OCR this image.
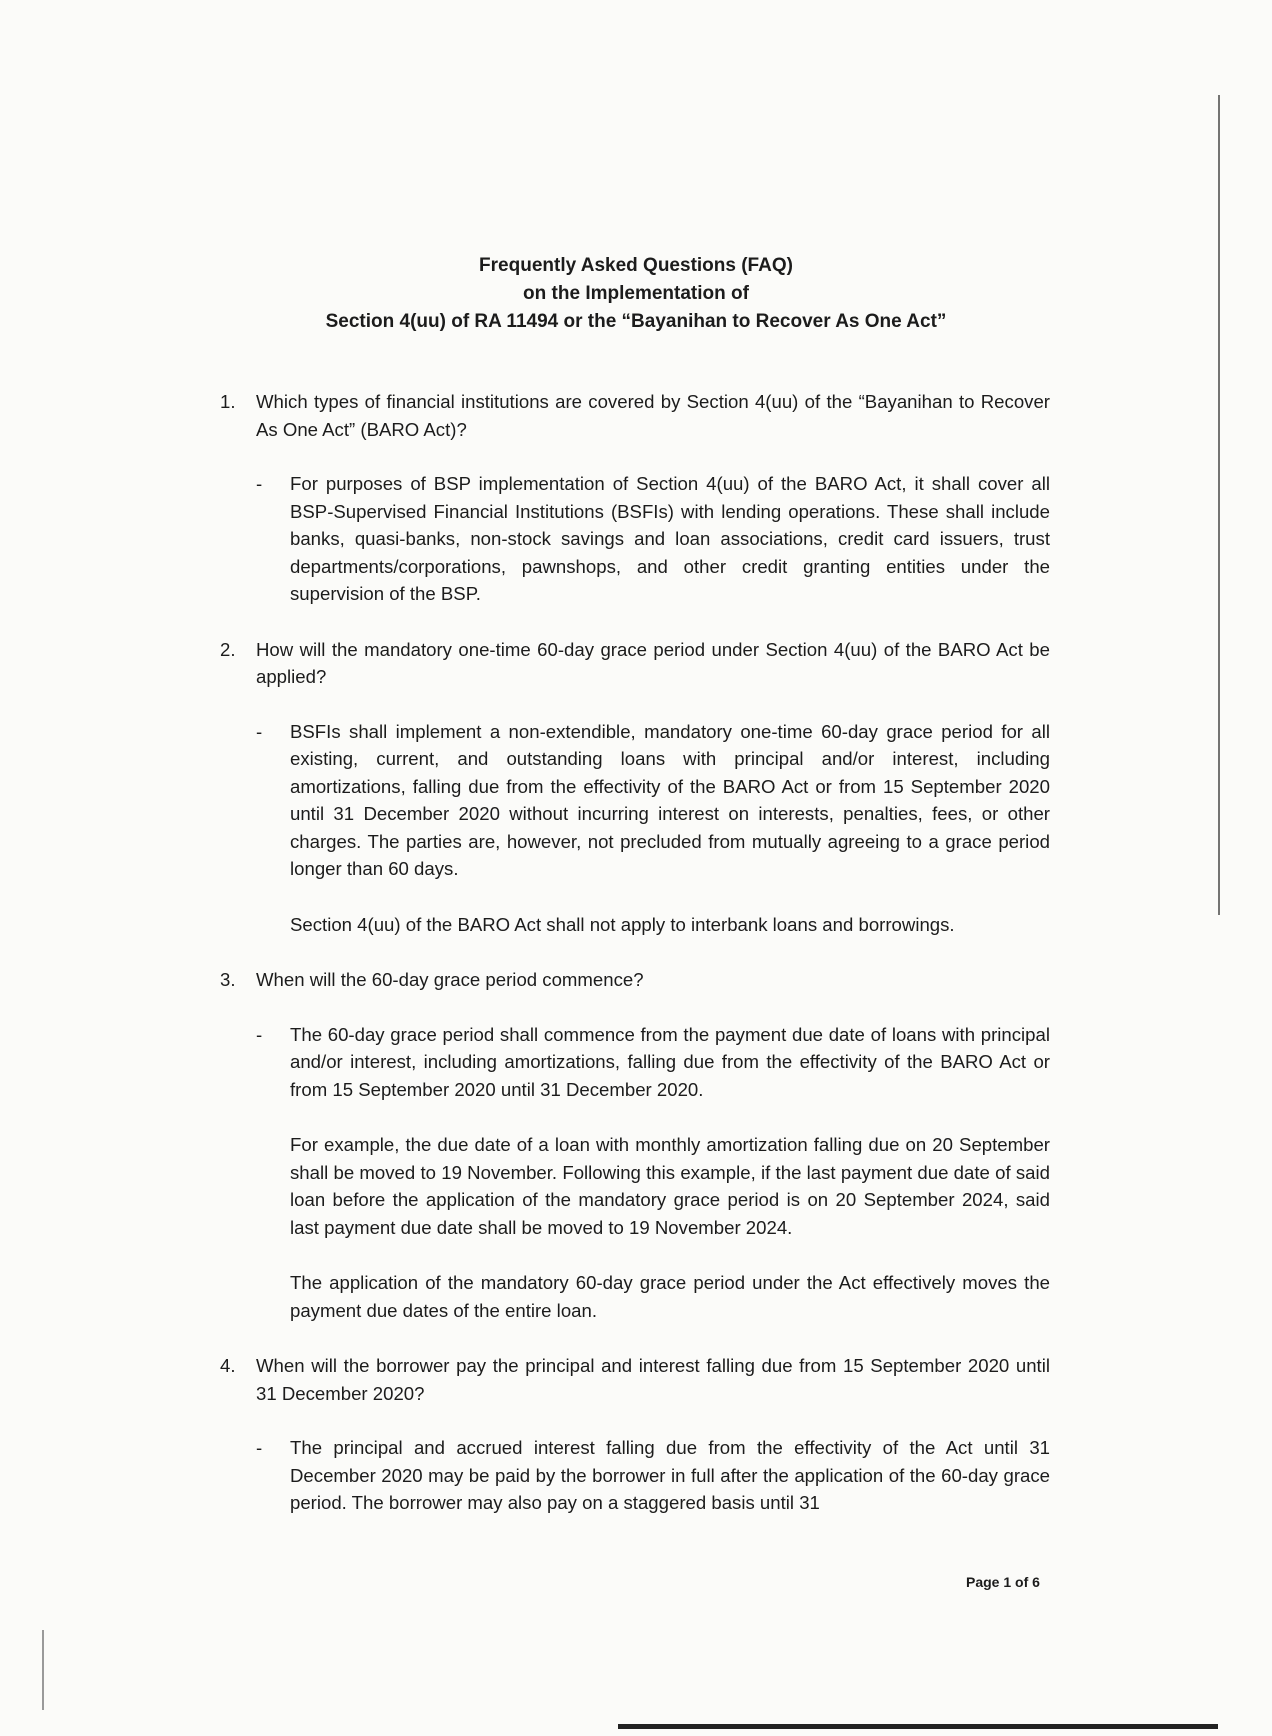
Frequently Asked Questions (FAQ)
on the Implementation of
Section 4(uu) of RA 11494 or the “Bayanihan to Recover As One Act”
1. Which types of financial institutions are covered by Section 4(uu) of the “Bayanihan to Recover As One Act” (BARO Act)?
- For purposes of BSP implementation of Section 4(uu) of the BARO Act, it shall cover all BSP-Supervised Financial Institutions (BSFIs) with lending operations. These shall include banks, quasi-banks, non-stock savings and loan associations, credit card issuers, trust departments/corporations, pawnshops, and other credit granting entities under the supervision of the BSP.
2. How will the mandatory one-time 60-day grace period under Section 4(uu) of the BARO Act be applied?
- BSFIs shall implement a non-extendible, mandatory one-time 60-day grace period for all existing, current, and outstanding loans with principal and/or interest, including amortizations, falling due from the effectivity of the BARO Act or from 15 September 2020 until 31 December 2020 without incurring interest on interests, penalties, fees, or other charges. The parties are, however, not precluded from mutually agreeing to a grace period longer than 60 days.
Section 4(uu) of the BARO Act shall not apply to interbank loans and borrowings.
3. When will the 60-day grace period commence?
- The 60-day grace period shall commence from the payment due date of loans with principal and/or interest, including amortizations, falling due from the effectivity of the BARO Act or from 15 September 2020 until 31 December 2020.
For example, the due date of a loan with monthly amortization falling due on 20 September shall be moved to 19 November. Following this example, if the last payment due date of said loan before the application of the mandatory grace period is on 20 September 2024, said last payment due date shall be moved to 19 November 2024.
The application of the mandatory 60-day grace period under the Act effectively moves the payment due dates of the entire loan.
4. When will the borrower pay the principal and interest falling due from 15 September 2020 until 31 December 2020?
- The principal and accrued interest falling due from the effectivity of the Act until 31 December 2020 may be paid by the borrower in full after the application of the 60-day grace period. The borrower may also pay on a staggered basis until 31
Page 1 of 6
